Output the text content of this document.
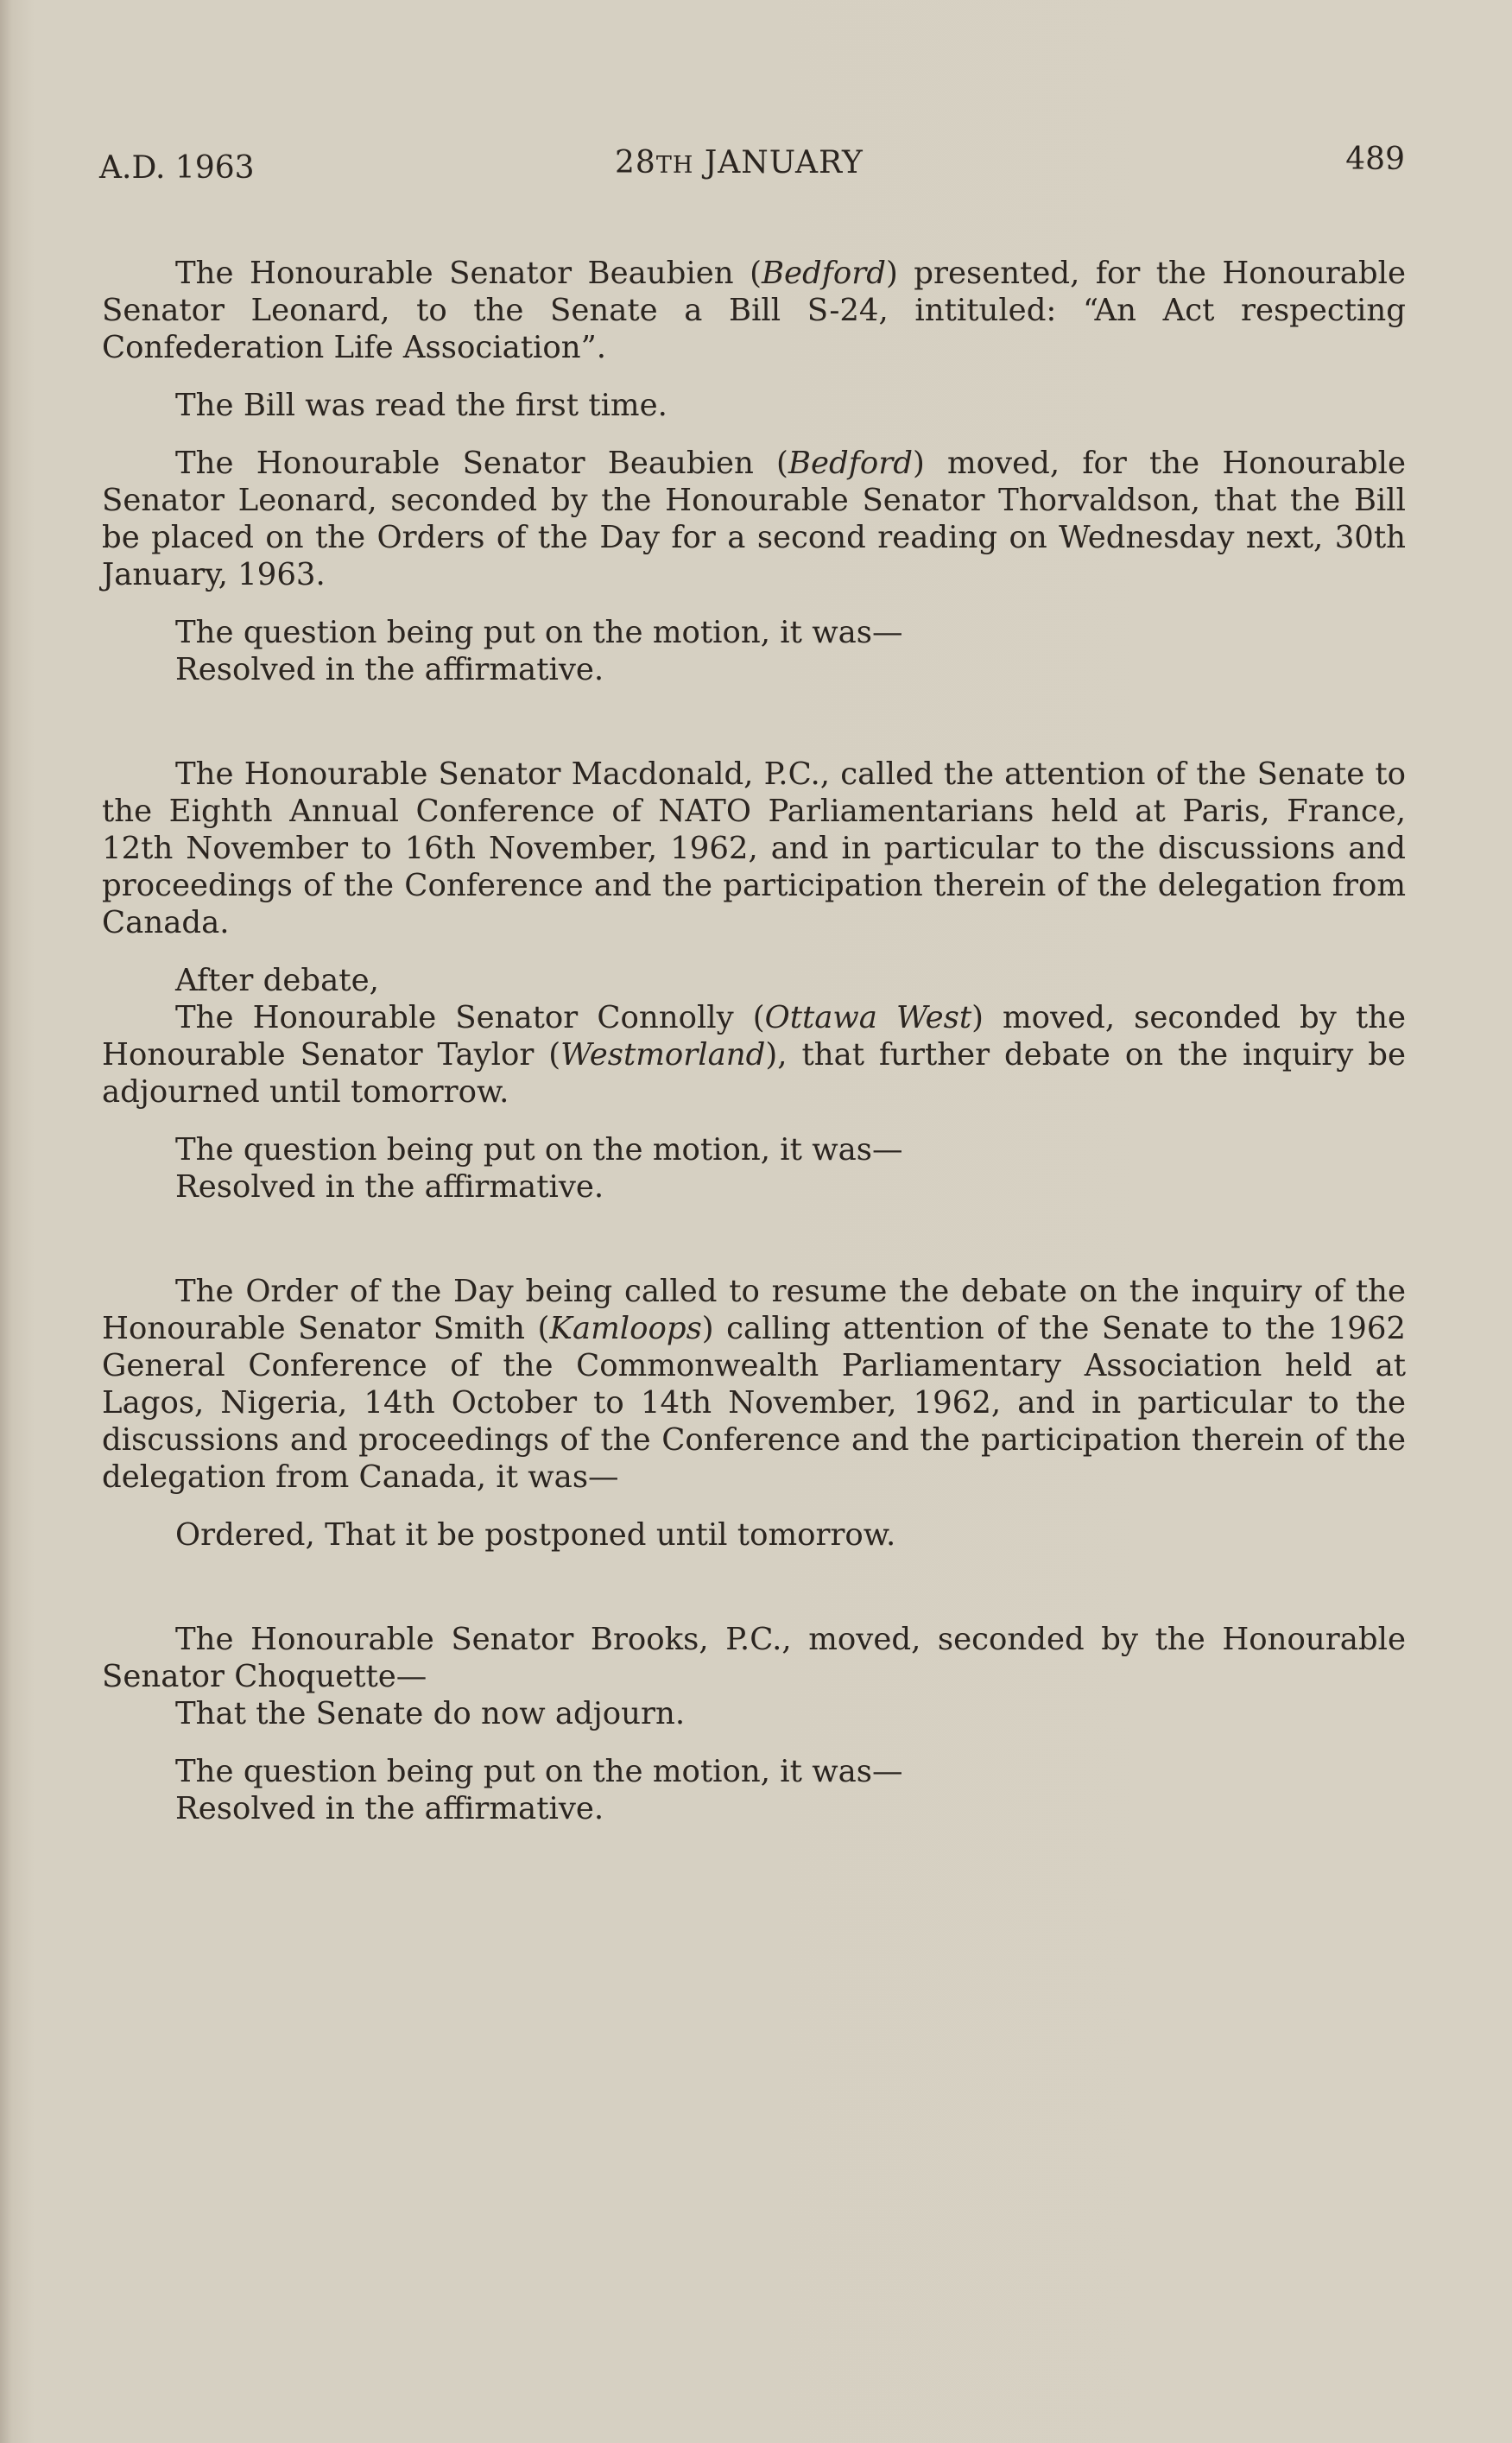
A.D. 1963	28TH JANUARY	489

The Honourable Senator Beaubien (Bedford) presented, for the Honourable Senator Leonard, to the Senate a Bill S-24, intituled: “An Act respecting Confederation Life Association”.

The Bill was read the first time.

The Honourable Senator Beaubien (Bedford) moved, for the Honourable Senator Leonard, seconded by the Honourable Senator Thorvaldson, that the Bill be placed on the Orders of the Day for a second reading on Wednesday next, 30th January, 1963.

The question being put on the motion, it was—

Resolved in the affirmative.

The Honourable Senator Macdonald, P.C., called the attention of the Senate to the Eighth Annual Conference of NATO Parliamentarians held at Paris, France, 12th November to 16th November, 1962, and in particular to the discussions and proceedings of the Conference and the participation therein of the delegation from Canada.

After debate,

The Honourable Senator Connolly (Ottawa West) moved, seconded by the Honourable Senator Taylor (Westmorland), that further debate on the inquiry be adjourned until tomorrow.

The question being put on the motion, it was—

Resolved in the affirmative.

The Order of the Day being called to resume the debate on the inquiry of the Honourable Senator Smith (Kamloops) calling attention of the Senate to the 1962 General Conference of the Commonwealth Parliamentary Association held at Lagos, Nigeria, 14th October to 14th November, 1962, and in particular to the discussions and proceedings of the Conference and the participation therein of the delegation from Canada, it was—

Ordered, That it be postponed until tomorrow.

The Honourable Senator Brooks, P.C., moved, seconded by the Honourable Senator Choquette—

That the Senate do now adjourn.

The question being put on the motion, it was—

Resolved in the affirmative.
